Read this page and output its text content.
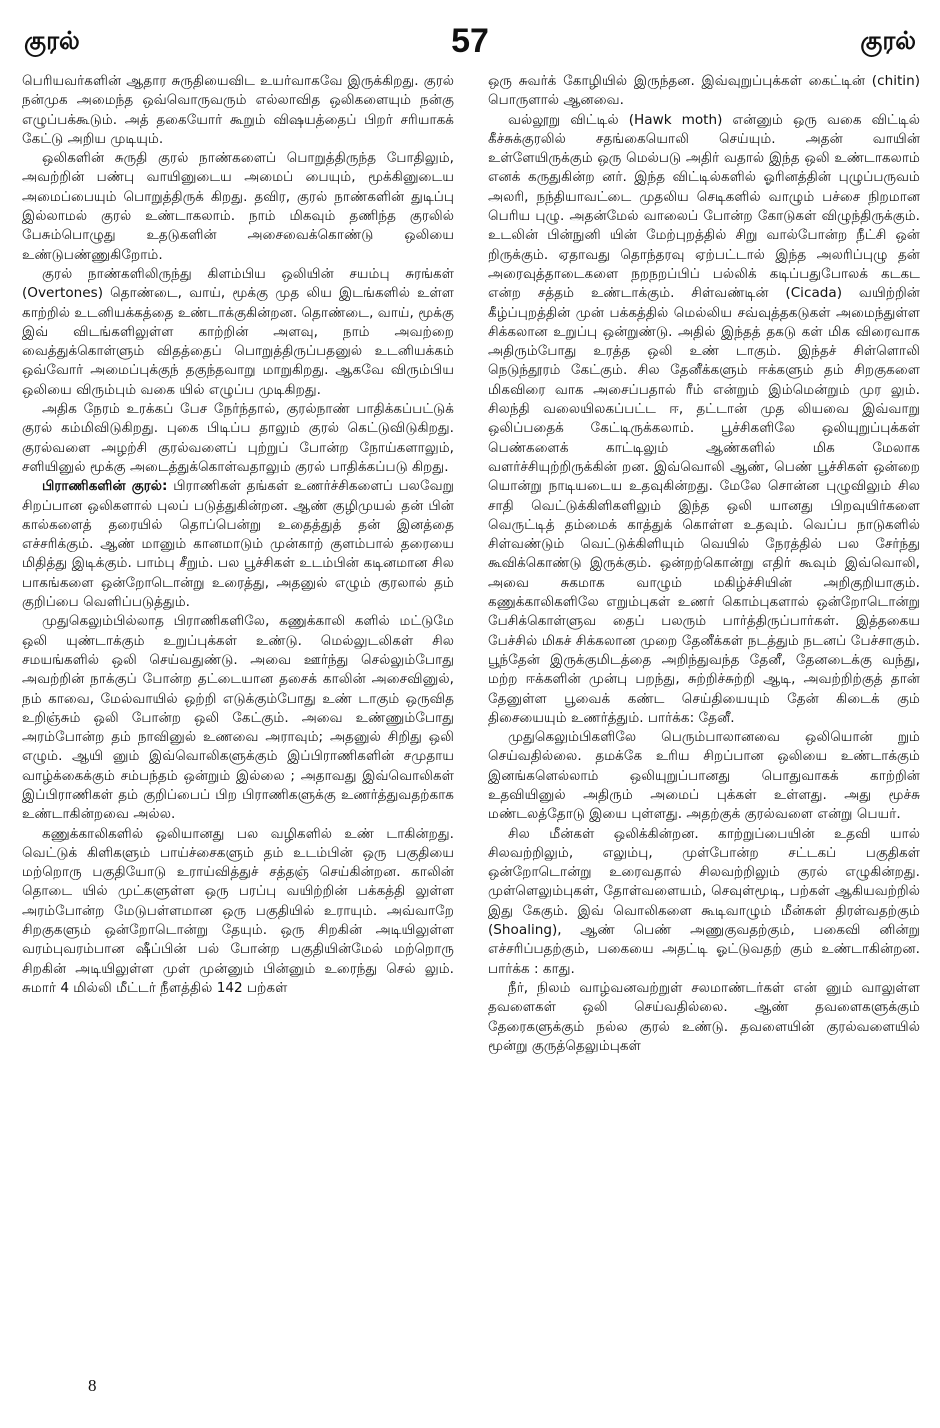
குரல்	57	குரல்

பெரியவர்களின் ஆதார சுருதியைவிட உயர்வாகவே இருக்கிறது. குரல் நன்முக அமைந்த ஒவ்வொருவரும் எல்லாவித ஒலிகளையும் நன்கு எழுப்பக்கூடும். அத் தகையோர் கூறும் விஷயத்தைப் பிறர் சரியாகக் கேட்டு அறிய முடியும்.

ஒலிகளின் சுருதி குரல் நாண்களைப் பொறுத்திருந்த போதிலும், அவற்றின் பண்பு வாயினுடைய அமைப் பையும், மூக்கினுடைய அமைப்பையும் பொறுத்திருக் கிறது. தவிர, குரல் நாண்களின் துடிப்பு இல்லாமல் குரல் உண்டாகலாம். நாம் மிகவும் தணிந்த குரலில் பேசும்பொழுது உதடுகளின் அசைவைக்கொண்டு ஒலியை உண்டுபண்ணுகிறோம்.

குரல் நாண்களிலிருந்து கிளம்பிய ஒலியின் சயம்பு சுரங்கள் (Overtones) தொண்டை, வாய், மூக்கு முத லிய இடங்களில் உள்ள காற்றில் உடனியக்கத்தை உண்டாக்குகின்றன. தொண்டை, வாய், மூக்கு இவ் விடங்களிலுள்ள காற்றின் அளவு, நாம் அவற்றை வைத்துக்கொள்ளும் விதத்தைப் பொறுத்திருப்பதனுல் உடனியக்கம் ஒவ்வோர் அமைப்புக்குந் தகுந்தவாறு மாறுகிறது. ஆகவே விரும்பிய ஒலியை விரும்பும் வகை யில் எழுப்ப முடிகிறது.

அதிக நேரம் உரக்கப் பேச நேர்ந்தால், குரல்நாண் பாதிக்கப்பட்டுக் குரல் கம்மிவிடுகிறது. புகை பிடிப்ப தாலும் குரல் கெட்டுவிடுகிறது. குரல்வளை அழற்சி குரல்வளைப் புற்றுப் போன்ற நோய்களாலும், சளியினுல் மூக்கு அடைத்துக்கொள்வதாலும் குரல் பாதிக்கப்படு கிறது.

பிராணிகளின் குரல்: பிராணிகள் தங்கள் உணர்ச்சிகளைப் பலவேறு சிறப்பான ஒலிகளால் புலப் படுத்துகின்றன. ஆண் குழிமுயல் தன் பின் கால்களைத் தரையில் தொப்பென்று உதைத்துத் தன் இனத்தை எச்சரிக்கும். ஆண் மானும் கானமாடும் முன்காற் குளம்பால் தரையை மிதித்து இடிக்கும். பாம்பு சீறும். பல பூச்சிகள் உடம்பின் கடினமான சில பாகங்களை ஒன்றோடொன்று உரைத்து, அதனுல் எழும் குரலால் தம் குறிப்பை வெளிப்படுத்தும்.

முதுகெலும்பில்லாத பிராணிகளிலே, கணுக்காலி களில் மட்டுமே ஒலி யுண்டாக்கும் உறுப்புக்கள் உண்டு. மெல்லுடலிகள் சில சமயங்களில் ஒலி செய்வதுண்டு. அவை ஊர்ந்து செல்லும்போது அவற்றின் நாக்குப் போன்ற தட்டையான தசைக் காலின் அசைவினுல், நம் காவை, மேல்வாயில் ஒற்றி எடுக்கும்போது உண் டாகும் ஒருவித உறிஞ்சும் ஒலி போன்ற ஒலி கேட்கும். அவை உண்ணும்போது அரம்போன்ற தம் நாவினுல் உணவை அராவும்; அதனுல் சிறிது ஒலி எழும். ஆயி னும் இவ்வொலிகளுக்கும் இப்பிராணிகளின் சமுதாய வாழ்க்கைக்கும் சம்பந்தம் ஒன்றும் இல்லை ; அதாவது இவ்வொலிகள் இப்பிராணிகள் தம் குறிப்பைப் பிற பிராணிகளுக்கு உணர்த்துவதற்காக உண்டாகின்றவை அல்ல.

கணுக்காலிகளில் ஒலியானது பல வழிகளில் உண் டாகின்றது. வெட்டுக் கிளிகளும் பாய்ச்சைகளும் தம் உடம்பின் ஒரு பகுதியை மற்றொரு பகுதியோடு உராய்வித்துச் சத்தஞ் செய்கின்றன. காலின் தொடை யில் முட்களுள்ள ஒரு பரப்பு வயிற்றின் பக்கத்தி லுள்ள அரம்போன்ற மேடுபள்ளமான ஒரு பகுதியில் உராயும். அவ்வாறே சிறகுகளும் ஒன்றோடொன்று தேயும். ஒரு சிறகின் அடியிலுள்ள வரம்புவரம்பான ஷீப்பின் பல் போன்ற பகுதியின்மேல் மற்றொரு சிறகின் அடியிலுள்ள முள் முன்னும் பின்னும் உரைந்து செல் லும். சுமார் 4 மில்லி மீட்டர் நீளத்தில் 142 பற்கள்

ஒரு சுவர்க் கோழியில் இருந்தன. இவ்வுறுப்புக்கள் கைட்டின் (chitin) பொருளால் ஆனவை.

வல்லூறு விட்டில் (Hawk moth) என்னும் ஒரு வகை விட்டில் கீச்சுக்குரலில் சதங்கையொலி செய்யும். அதன் வாயின் உள்ளேயிருக்கும் ஒரு மெல்படு அதிர் வதால் இந்த ஒலி உண்டாகலாம் எனக் கருதுகின்ற னர். இந்த விட்டில்களில் ஓரினத்தின் புழுப்பருவம் அலரி, நந்தியாவட்டை முதலிய செடிகளில் வாழும் பச்சை நிறமான பெரிய புழு. அதன்மேல் வாலைப் போன்ற கோடுகள் விழுந்திருக்கும். உடலின் பின்நுனி யின் மேற்புறத்தில் சிறு வால்போன்ற நீட்சி ஒன் றிருக்கும். ஏதாவது தொந்தரவு ஏற்பட்டால் இந்த அலரிப்புழு தன் அரைவுத்தாடைகளை நறநறப்பிப் பல்லிக் கடிப்பதுபோலக் கடகட என்ற சத்தம் உண்டாக்கும். சிள்வண்டின் (Cicada) வயிற்றின் கீழ்ப்புறத்தின் முன் பக்கத்தில் மெல்லிய சவ்வுத்தகடுகள் அமைந்துள்ள சிக்கலான உறுப்பு ஒன்றுண்டு. அதில் இந்தத் தகடு கள் மிக விரைவாக அதிரும்போது உரத்த ஒலி உண் டாகும். இந்தச் சிள்ளொலி நெடுந்தூரம் கேட்கும். சில தேனீக்களும் ஈக்களும் தம் சிறகுகளை மிகவிரை வாக அசைப்பதால் ரீம் என்றும் இம்மென்றும் முர லும். சிலந்தி வலையிலகப்பட்ட ஈ, தட்டான் முத லியவை இவ்வாறு ஒலிப்பதைக் கேட்டிருக்கலாம். பூச்சிகளிலே ஒலியுறுப்புக்கள் பெண்களைக் காட்டிலும் ஆண்களில் மிக மேலாக வளர்ச்சியுற்றிருக்கின் றன. இவ்வொலி ஆண், பெண் பூச்சிகள் ஒன்றை யொன்று நாடியடைய உதவுகின்றது. மேலே சொன்ன புழுவிலும் சில சாதி வெட்டுக்கிளிகளிலும் இந்த ஒலி யானது பிறவுயிர்களை வெருட்டித் தம்மைக் காத்துக் கொள்ள உதவும். வெப்ப நாடுகளில் சிள்வண்டும் வெட்டுக்கிளியும் வெயில் நேரத்தில் பல சேர்ந்து கூவிக்கொண்டு இருக்கும். ஒன்றற்கொன்று எதிர் கூவும் இவ்வொலி, அவை சுகமாக வாழும் மகிழ்ச்சியின் அறிகுறியாகும். கணுக்காலிகளிலே எறும்புகள் உணர் கொம்புகளால் ஒன்றோடொன்று பேசிக்கொள்ளுவ தைப் பலரும் பார்த்திருப்பார்கள். இத்தகைய பேச்சில் மிகச் சிக்கலான முறை தேனீக்கள் நடத்தும் நடனப் பேச்சாகும். பூந்தேன் இருக்குமிடத்தை அறிந்துவந்த தேனீ, தேனடைக்கு வந்து, மற்ற ஈக்களின் முன்பு பறந்து, சுற்றிச்சுற்றி ஆடி, அவற்றிற்குத் தான் தேனுள்ள பூவைக் கண்ட செய்தியையும் தேன் கிடைக் கும் திசையையும் உணர்த்தும். பார்க்க: தேனீ.

முதுகெலும்பிகளிலே பெரும்பாலானவை ஒலியொன் றும் செய்வதில்லை. தமக்கே உரிய சிறப்பான ஒலியை உண்டாக்கும் இனங்களெல்லாம் ஒலியுறுப்பானது பொதுவாகக் காற்றின் உதவியினுல் அதிரும் அமைப் புக்கள் உள்ளது. அது மூச்சு மண்டலத்தோடு இயை புள்ளது. அதற்குக் குரல்வளை என்று பெயர்.

சில மீன்கள் ஒலிக்கின்றன. காற்றுப்பையின் உதவி யால் சிலவற்றிலும், எலும்பு, முள்போன்ற சட்டகப் பகுதிகள் ஒன்றோடொன்று உரைவதால் சிலவற்றிலும் குரல் எழுகின்றது. முள்ளெலும்புகள், தோள்வளையம், செவுள்மூடி, பற்கள் ஆகியவற்றில் இது கேகும். இவ் வொலிகளை கூடிவாழும் மீன்கள் திரள்வதற்கும் (Shoaling), ஆண் பெண் அணுகுவதற்கும், பகைவி னின்று எச்சரிப்பதற்கும், பகையை அதட்டி ஓட்டுவதற் கும் உண்டாகின்றன. பார்க்க : காது.

நீர், நிலம் வாழ்வனவற்றுள் சலமாண்டர்கள் என் னும் வாலுள்ள தவளைகள் ஒலி செய்வதில்லை. ஆண் தவளைகளுக்கும் தேரைகளுக்கும் நல்ல குரல் உண்டு. தவளையின் குரல்வளையில் மூன்று குருத்தெலும்புகள்

8
